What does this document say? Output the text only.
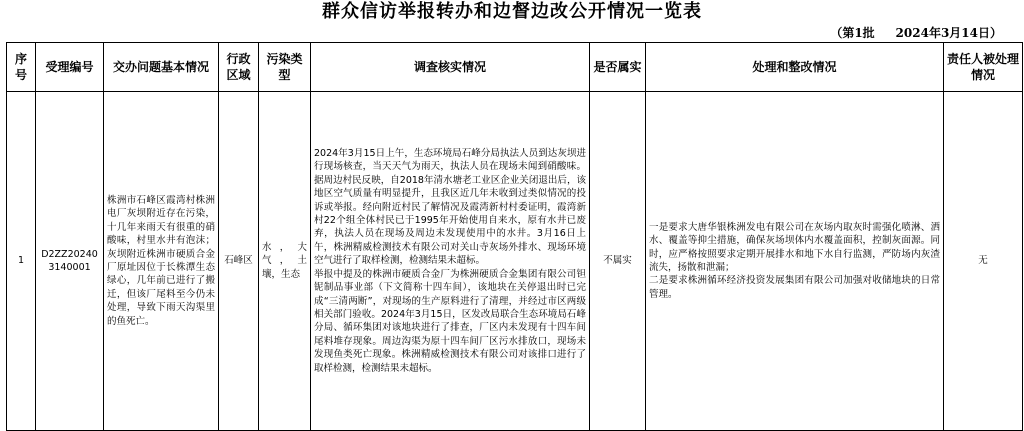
群众信访举报转办和边督边改公开情况一览表
（第1批     2024年3月14日）
序号	受理编号	交办问题基本情况	行政区域	污染类型	调查核实情况	是否属实	处理和整改情况	责任人被处理情况
1	D2ZZ202403140001	株洲市石峰区霞湾村株洲电厂灰坝附近存在污染，十几年来雨天有很重的硝酸味，村里水井有泡沫；灰坝附近株洲市硬质合金厂原址因位于长株潭生态绿心，几年前已进行了搬迁，但该厂尾料至今仍未处理，导致下雨天沟渠里的鱼死亡。	石峰区	水，大气，土壤，生态	2024年3月15日上午，生态环境局石峰分局执法人员到达灰坝进行现场核查，当天天气为雨天，执法人员在现场未闻到硝酸味。据周边村民反映，自2018年清水塘老工业区企业关闭退出后，该地区空气质量有明显提升，且我区近几年未收到过类似情况的投诉或举报。经向附近村民了解情况及霞湾新村村委证明，霞湾新村22个组全体村民已于1995年开始使用自来水，原有水井已废弃，执法人员在现场及周边未发现使用中的水井。3月16日上午，株洲精威检测技术有限公司对关山寺灰场外排水、现场环境空气进行了取样检测，检测结果未超标。
举报中提及的株洲市硬质合金厂为株洲硬质合金集团有限公司钽铌制品事业部（下文简称十四车间），该地块在关停退出时已完成“三清两断”，对现场的生产原料进行了清理，并经过市区两级相关部门验收。2024年3月15日，区发改局联合生态环境局石峰分局、循环集团对该地块进行了排查，厂区内未发现有十四车间尾料堆存现象。周边沟渠为原十四车间厂区污水排放口，现场未发现鱼类死亡现象。株洲精威检测技术有限公司对该排口进行了取样检测，检测结果未超标。	不属实	一是要求大唐华银株洲发电有限公司在灰场内取灰时需强化喷淋、洒水、覆盖等抑尘措施，确保灰场坝体内水覆盖面积，控制灰面源。同时，应严格按照要求定期开展排水和地下水自行监测，严防场内灰渣流失，扬散和泄漏；
二是要求株洲循环经济投资发展集团有限公司加强对收储地块的日常管理。	无
